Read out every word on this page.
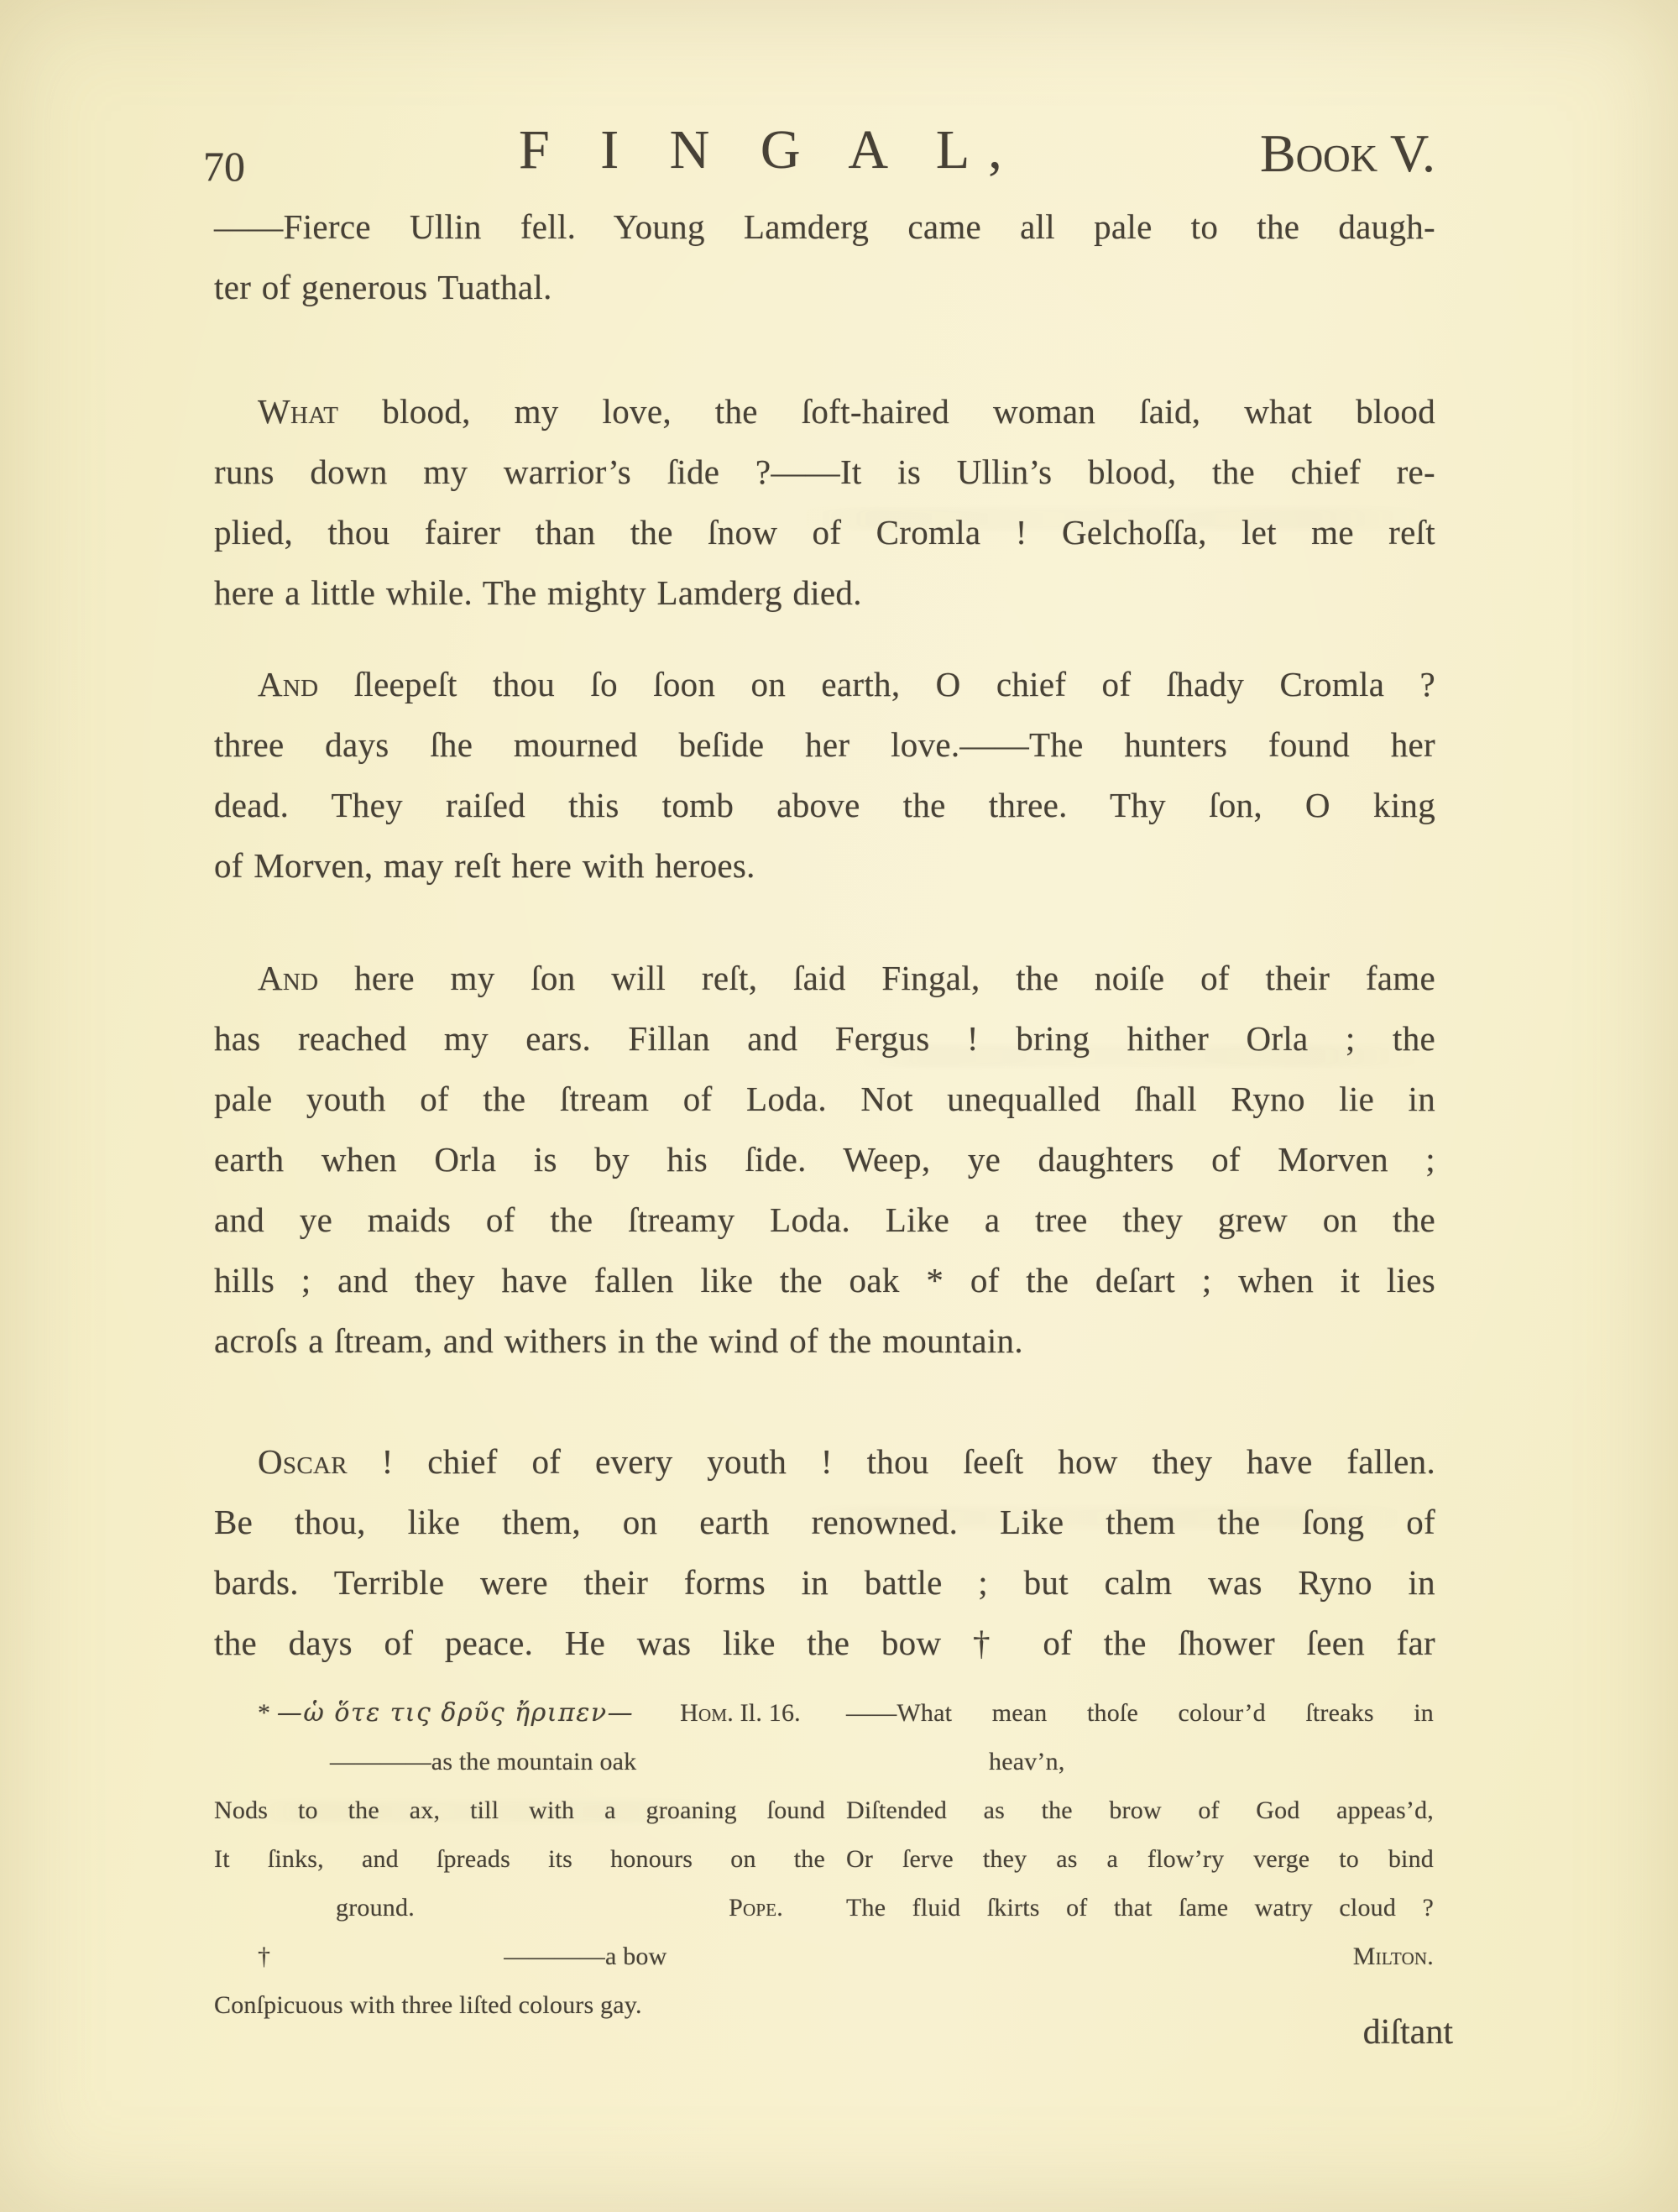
70	F I N G A L,	Book V.
——Fierce Ullin fell. Young Lamderg came all pale to the daugh-
ter of generous Tuathal.
What blood, my love, the ſoft-haired woman ſaid, what blood
runs down my warrior’s ſide ?——It is Ullin’s blood, the chief re-
plied, thou fairer than the ſnow of Cromla ! Gelchoſſa, let me reſt
here a little while. The mighty Lamderg died.
And ſleepeſt thou ſo ſoon on earth, O chief of ſhady Cromla ?
three days ſhe mourned beſide her love.——The hunters found her
dead. They raiſed this tomb above the three. Thy ſon, O king
of Morven, may reſt here with heroes.
And here my ſon will reſt, ſaid Fingal, the noiſe of their fame
has reached my ears. Fillan and Fergus ! bring hither Orla ; the
pale youth of the ſtream of Loda. Not unequalled ſhall Ryno lie in
earth when Orla is by his ſide. Weep, ye daughters of Morven ;
and ye maids of the ſtreamy Loda. Like a tree they grew on the
hills ; and they have fallen like the oak * of the deſart ; when it lies
acroſs a ſtream, and withers in the wind of the mountain.
Oscar ! chief of every youth ! thou ſeeſt how they have fallen.
Be thou, like them, on earth renowned. Like them the ſong of
bards. Terrible were their forms in battle ; but calm was Ryno in
the days of peace. He was like the bow † of the ſhower ſeen far
* —ὡ ὅτε τις δρῦς ἤριπεν— Hom. Il. 16.
————as the mountain oak
Nods to the ax, till with a groaning ſound
It ſinks, and ſpreads its honours on the
ground.	Pope.
†	————a bow
Conſpicuous with three liſted colours gay.
——What mean thoſe colour’d ſtreaks in
heav’n,
Diſtended as the brow of God appeas’d,
Or ſerve they as a flow’ry verge to bind
The fluid ſkirts of that ſame watry cloud ?
Milton.
diſtant
